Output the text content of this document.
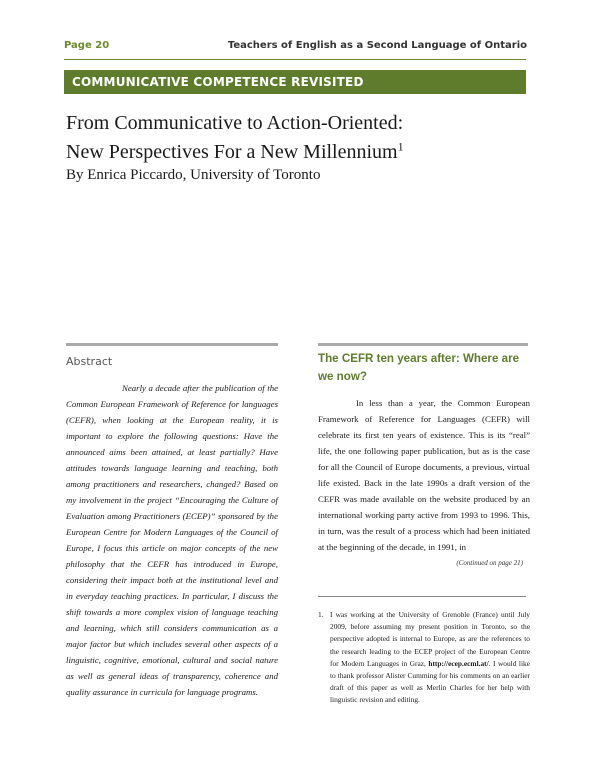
Page 20	Teachers of English as a Second Language of Ontario
COMMUNICATIVE COMPETENCE REVISITED
From Communicative to Action-Oriented:
New Perspectives For a New Millennium$^1$
By Enrica Piccardo, University of Toronto
Abstract

Nearly a decade after the publication of the Common European Framework of Reference for languages (CEFR), when looking at the European reality, it is important to explore the following questions: Have the announced aims been attained, at least partially? Have attitudes towards language learning and teaching, both among practitioners and researchers, changed? Based on my involvement in the project “Encouraging the Culture of Evaluation among Practitioners (ECEP)” sponsored by the European Centre for Modern Languages of the Council of Europe, I focus this article on major concepts of the new philosophy that the CEFR has introduced in Europe, considering their impact both at the institutional level and in everyday teaching practices. In particular, I discuss the shift towards a more complex vision of language teaching and learning, which still considers communication as a major factor but which includes several other aspects of a linguistic, cognitive, emotional, cultural and social nature as well as general ideas of transparency, coherence and quality assurance in curricula for language programs.

The CEFR ten years after: Where are we now?

In less than a year, the Common European Framework of Reference for Languages (CEFR) will celebrate its first ten years of existence. This is its “real” life, the one following paper publication, but as is the case for all the Council of Europe documents, a previous, virtual life existed. Back in the late 1990s a draft version of the CEFR was made available on the website produced by an international working party active from 1993 to 1996. This, in turn, was the result of a process which had been initiated at the beginning of the decade, in 1991, in

(Continued on page 21)
1. I was working at the University of Grenoble (France) until July 2009, before assuming my present position in Toronto, so the perspective adopted is internal to Europe, as are the references to the research leading to the ECEP project of the European Centre for Modern Languages in Graz, http://ecep.ecml.at/. I would like to thank professor Alister Cumming for his comments on an earlier draft of this paper as well as Merlin Charles for her help with linguistic revision and editing.
